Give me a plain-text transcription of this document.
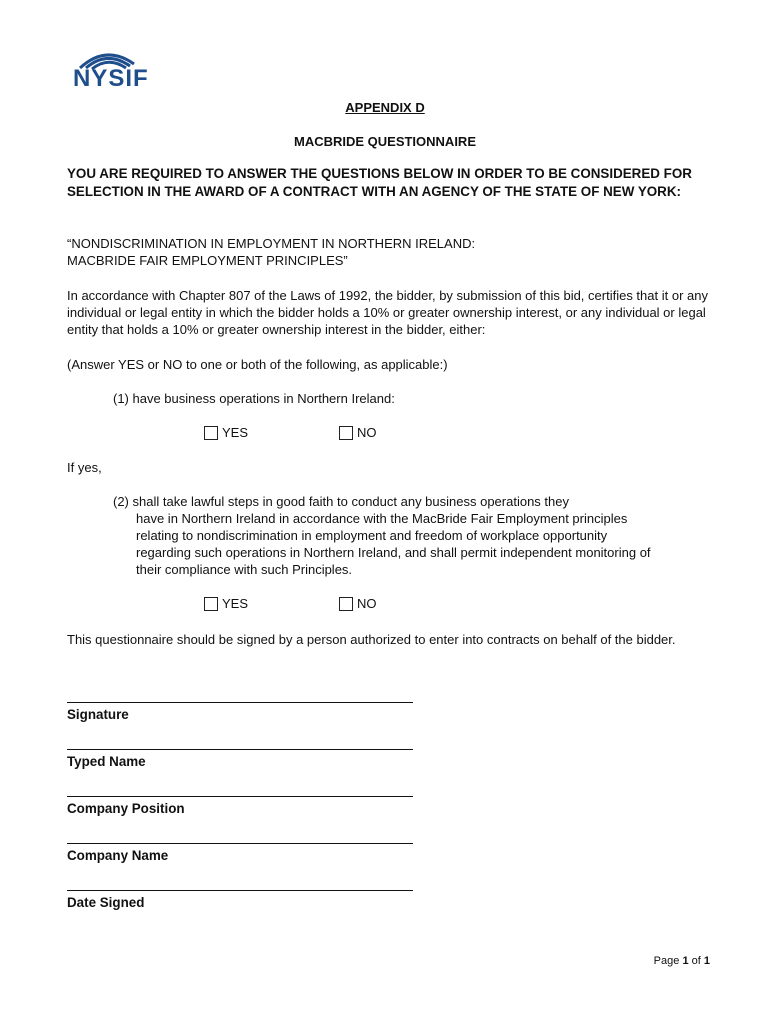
NYSIF
APPENDIX D
MACBRIDE QUESTIONNAIRE
YOU ARE REQUIRED TO ANSWER THE QUESTIONS BELOW IN ORDER TO BE CONSIDERED FOR SELECTION IN THE AWARD OF A CONTRACT WITH AN AGENCY OF THE STATE OF NEW YORK:
“NONDISCRIMINATION IN EMPLOYMENT IN NORTHERN IRELAND:
MACBRIDE FAIR EMPLOYMENT PRINCIPLES”
In accordance with Chapter 807 of the Laws of 1992, the bidder, by submission of this bid, certifies that it or any individual or legal entity in which the bidder holds a 10% or greater ownership interest, or any individual or legal entity that holds a 10% or greater ownership interest in the bidder, either:
(Answer YES or NO to one or both of the following, as applicable:)
(1) have business operations in Northern Ireland:
YES	NO
If yes,
(2) shall take lawful steps in good faith to conduct any business operations they
have in Northern Ireland in accordance with the MacBride Fair Employment principles
relating to nondiscrimination in employment and freedom of workplace opportunity
regarding such operations in Northern Ireland, and shall permit independent monitoring of
their compliance with such Principles.
YES	NO
This questionnaire should be signed by a person authorized to enter into contracts on behalf of the bidder.
Signature
Typed Name
Company Position
Company Name
Date Signed
Page 1 of 1
